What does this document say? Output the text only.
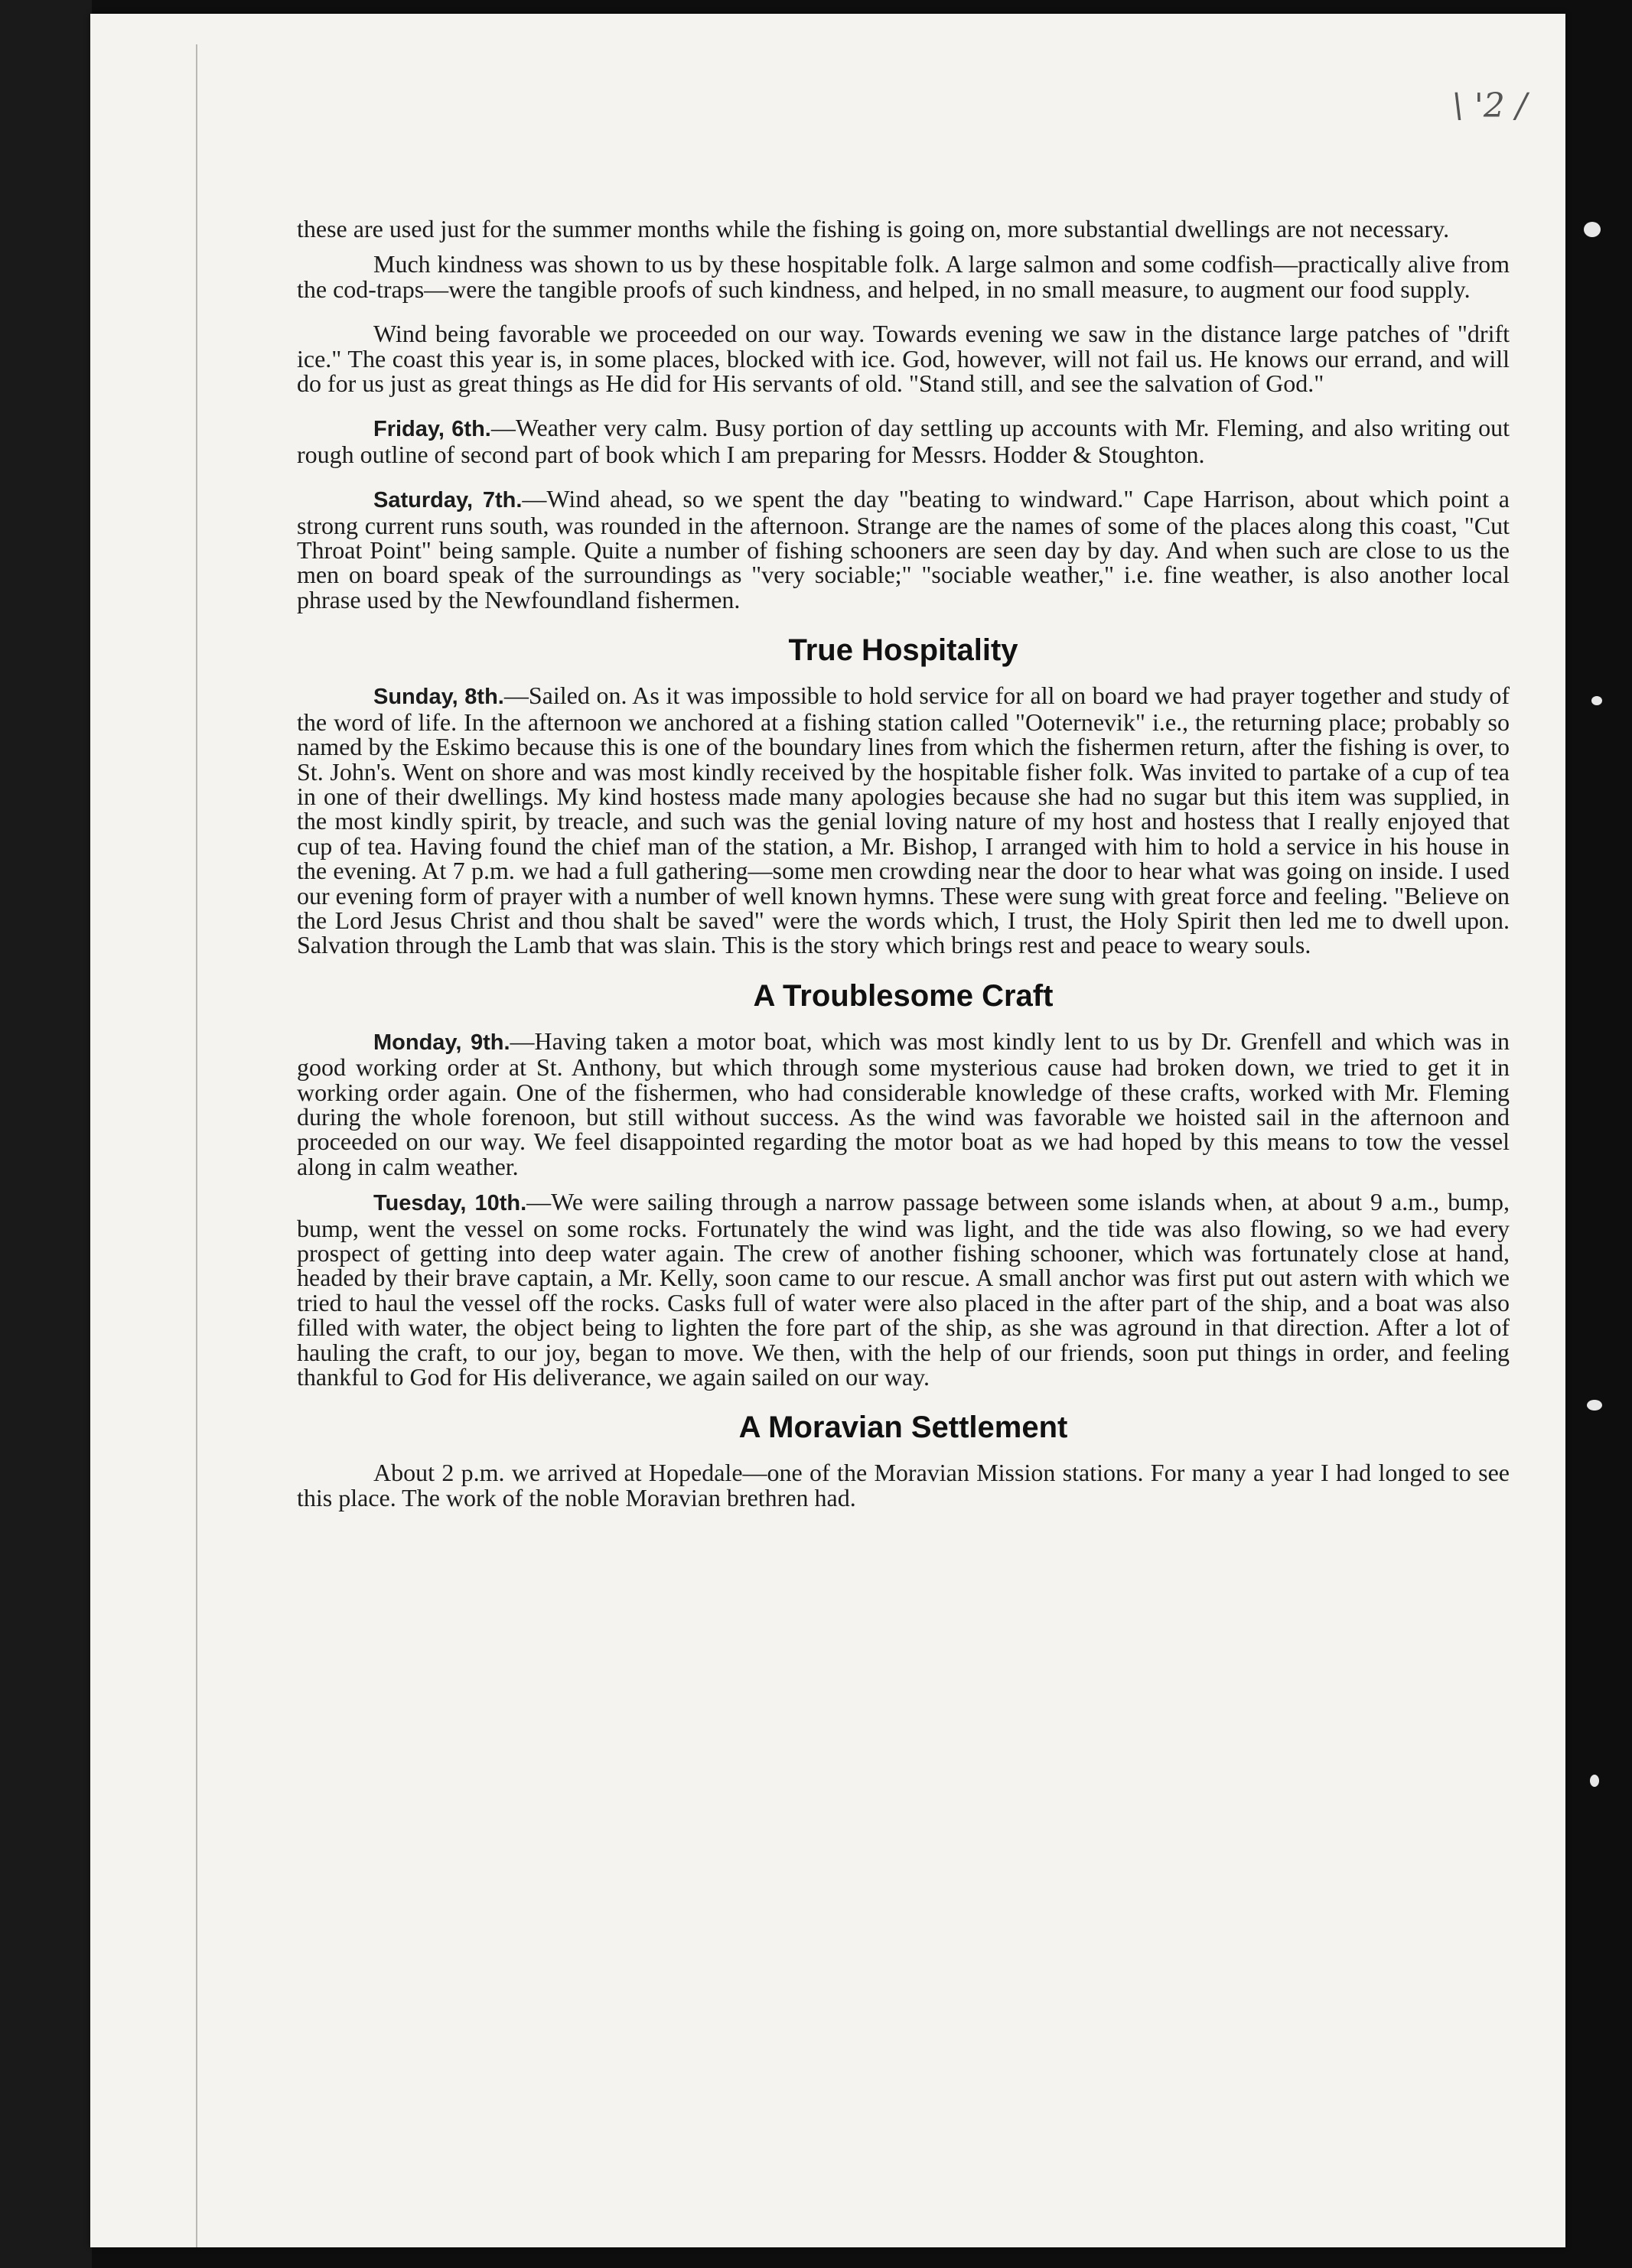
\ '2 /

these are used just for the summer months while the fishing is going on, more substantial dwellings are not necessary.

Much kindness was shown to us by these hospitable folk. A large salmon and some codfish—practically alive from the cod-traps—were the tangible proofs of such kindness, and helped, in no small measure, to augment our food supply.

Wind being favorable we proceeded on our way. Towards evening we saw in the distance large patches of "drift ice." The coast this year is, in some places, blocked with ice. God, however, will not fail us. He knows our errand, and will do for us just as great things as He did for His servants of old. "Stand still, and see the salvation of God."

Friday, 6th.—Weather very calm. Busy portion of day settling up accounts with Mr. Fleming, and also writing out rough outline of second part of book which I am preparing for Messrs. Hodder & Stoughton.

Saturday, 7th.—Wind ahead, so we spent the day "beating to windward." Cape Harrison, about which point a strong current runs south, was rounded in the afternoon. Strange are the names of some of the places along this coast, "Cut Throat Point" being sample. Quite a number of fishing schooners are seen day by day. And when such are close to us the men on board speak of the surroundings as "very sociable;" "sociable weather," i.e. fine weather, is also another local phrase used by the Newfoundland fishermen.

True Hospitality

Sunday, 8th.—Sailed on. As it was impossible to hold service for all on board we had prayer together and study of the word of life. In the afternoon we anchored at a fishing station called "Ooternevik" i.e., the returning place; probably so named by the Eskimo because this is one of the boundary lines from which the fishermen return, after the fishing is over, to St. John's. Went on shore and was most kindly received by the hospitable fisher folk. Was invited to partake of a cup of tea in one of their dwellings. My kind hostess made many apologies because she had no sugar but this item was supplied, in the most kindly spirit, by treacle, and such was the genial loving nature of my host and hostess that I really enjoyed that cup of tea. Having found the chief man of the station, a Mr. Bishop, I arranged with him to hold a service in his house in the evening. At 7 p.m. we had a full gathering—some men crowding near the door to hear what was going on inside. I used our evening form of prayer with a number of well known hymns. These were sung with great force and feeling. "Believe on the Lord Jesus Christ and thou shalt be saved" were the words which, I trust, the Holy Spirit then led me to dwell upon. Salvation through the Lamb that was slain. This is the story which brings rest and peace to weary souls.

A Troublesome Craft

Monday, 9th.—Having taken a motor boat, which was most kindly lent to us by Dr. Grenfell and which was in good working order at St. Anthony, but which through some mysterious cause had broken down, we tried to get it in working order again. One of the fishermen, who had considerable knowledge of these crafts, worked with Mr. Fleming during the whole forenoon, but still without success. As the wind was favorable we hoisted sail in the afternoon and proceeded on our way. We feel disappointed regarding the motor boat as we had hoped by this means to tow the vessel along in calm weather.

Tuesday, 10th.—We were sailing through a narrow passage between some islands when, at about 9 a.m., bump, bump, went the vessel on some rocks. Fortunately the wind was light, and the tide was also flowing, so we had every prospect of getting into deep water again. The crew of another fishing schooner, which was fortunately close at hand, headed by their brave captain, a Mr. Kelly, soon came to our rescue. A small anchor was first put out astern with which we tried to haul the vessel off the rocks. Casks full of water were also placed in the after part of the ship, and a boat was also filled with water, the object being to lighten the fore part of the ship, as she was aground in that direction. After a lot of hauling the craft, to our joy, began to move. We then, with the help of our friends, soon put things in order, and feeling thankful to God for His deliverance, we again sailed on our way.

A Moravian Settlement

About 2 p.m. we arrived at Hopedale—one of the Moravian Mission stations. For many a year I had longed to see this place. The work of the noble Moravian brethren had.
